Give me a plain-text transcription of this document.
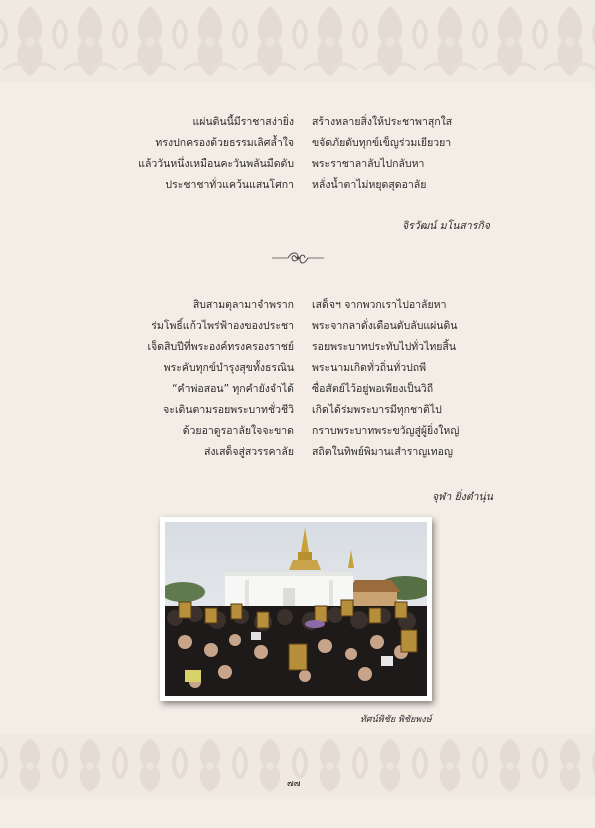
แผ่นดินนี้มีราชาสง่ายิ่ง
ทรงปกครองด้วยธรรมเลิศล้ำใจ
แล้ววันหนึ่งเหมือนคะวันพลันมืดดับ
ประชาชาทั่วแคว้นแสนโศกา
สร้างหลายสิ่งให้ประชาพาสุกใส
ขจัดภัยดับทุกข์เข็ญร่วมเยียวยา
พระราชาลาลับไปกลับหา
หลั่งน้ำตาไม่หยุดสุดอาลัย
จิรวัฒน์ มโนสารกิจ
สิบสามตุลามาจำพราก
ร่มโพธิ์แก้วไพร่ฟ้าองของประชา
เจ็ดสิบปีที่พระองค์ทรงครองราชย์
พระคับทุกข์บำรุงสุขทั้งธรณิน
“คำพ่อสอน” ทุกคำยังจำได้
จะเดินตามรอยพระบาทชั่วชีวิ
ด้วยอาดูรอาลัยใจจะขาด
ส่งเสด็จสู่สวรรคาลัย
เสด็จฯ จากพวกเราไปอาลัยหา
พระจากลาดั่งเดือนดับลับแผ่นดิน
รอยพระบาทประทับไปทั่วไทยสิ้น
พระนามเกิดทั่วถิ่นทั่วปถพี
ซื่อสัตย์ไว้อยู่พอเพียงเป็นวิถี
เกิดได้ร่มพระบารมีทุกชาติไป
กราบพระบาทพระขวัญสู่ผู้ยิ่งใหญ่
สถิตในทิพย์พิมานเสำราญเทอญ
จุฬา ยิ่งตำนุ่น
ทัศน์พิชัย พิชัยพงษ์
๗๗
